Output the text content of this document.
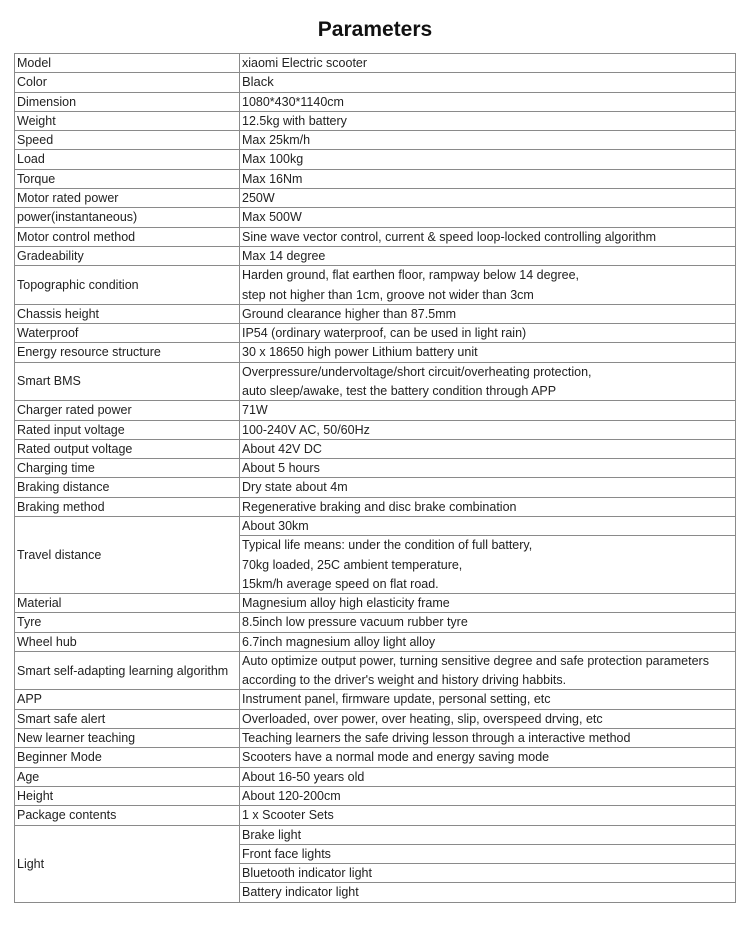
Parameters
Model	xiaomi Electric scooter
Color	Black
Dimension	1080*430*1140cm
Weight	12.5kg with battery
Speed	Max 25km/h
Load	Max 100kg
Torque	Max 16Nm
Motor rated power	250W
power(instantaneous)	Max 500W
Motor control method	Sine wave vector control, current & speed loop-locked controlling algorithm
Gradeability	Max 14 degree
Topographic condition	Harden ground, flat earthen floor, rampway below 14 degree,
step not higher than 1cm, groove not wider than 3cm

Chassis height	Ground clearance higher than 87.5mm
Waterproof	IP54 (ordinary waterproof, can be used in light rain)
Energy resource structure	30 x 18650 high power Lithium battery unit
Smart BMS	Overpressure/undervoltage/short circuit/overheating protection,
auto sleep/awake, test the battery condition through APP

Charger rated power	71W
Rated input voltage	100-240V AC, 50/60Hz
Rated output voltage	About 42V DC
Charging time	About 5 hours
Braking distance	Dry state about 4m
Braking method	Regenerative braking and disc brake combination
Travel distance	About 30km

	Typical life means: under the condition of full battery,
70kg loaded, 25C ambient temperature,
15km/h average speed on flat road.

Material	Magnesium alloy high elasticity frame
Tyre	8.5inch low pressure vacuum rubber tyre
Wheel hub	6.7inch magnesium alloy light alloy
Smart self-adapting learning algorithm	Auto optimize output power, turning sensitive degree and safe protection parameters
according to the driver's weight and history driving habbits.

APP	Instrument panel, firmware update, personal setting, etc
Smart safe alert	Overloaded, over power, over heating, slip, overspeed drving, etc
New learner teaching	Teaching learners the safe driving lesson through a interactive method
Beginner Mode	Scooters have a normal mode and energy saving mode
Age	About 16-50 years old
Height	About 120-200cm
Package contents	1 x Scooter Sets
Light	Brake light
	Front face lights
	Bluetooth indicator light
	Battery indicator light
